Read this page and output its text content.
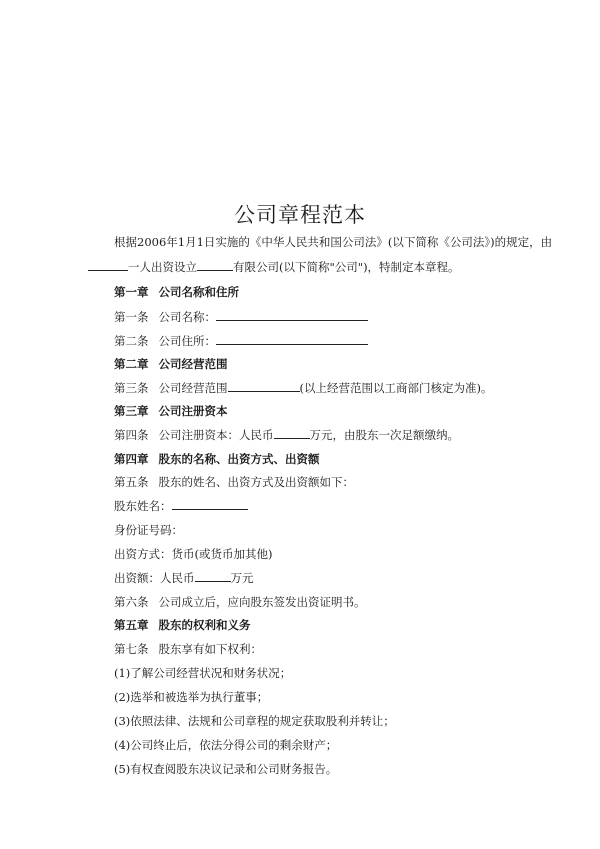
公司章程范本
根据2006年1月1日实施的《中华人民共和国公司法》(以下简称《公司法》)的规定，由
一人出资设立	有限公司(以下简称"公司")，特制定本章程。
第一章 公司名称和住所
第一条 公司名称：
第二条 公司住所：
第二章 公司经营范围
第三条 公司经营范围	(以上经营范围以工商部门核定为准)。
第三章 公司注册资本
第四条 公司注册资本：人民币	万元，由股东一次足额缴纳。
第四章 股东的名称、出资方式、出资额
第五条 股东的姓名、出资方式及出资额如下：
股东姓名：
身份证号码：
出资方式：货币(或货币加其他)
出资额：人民币	万元
第六条 公司成立后，应向股东签发出资证明书。
第五章 股东的权利和义务
第七条 股东享有如下权利：
(1)了解公司经营状况和财务状况；
(2)选举和被选举为执行董事；
(3)依照法律、法规和公司章程的规定获取股利并转让；
(4)公司终止后，依法分得公司的剩余财产；
(5)有权查阅股东决议记录和公司财务报告。
